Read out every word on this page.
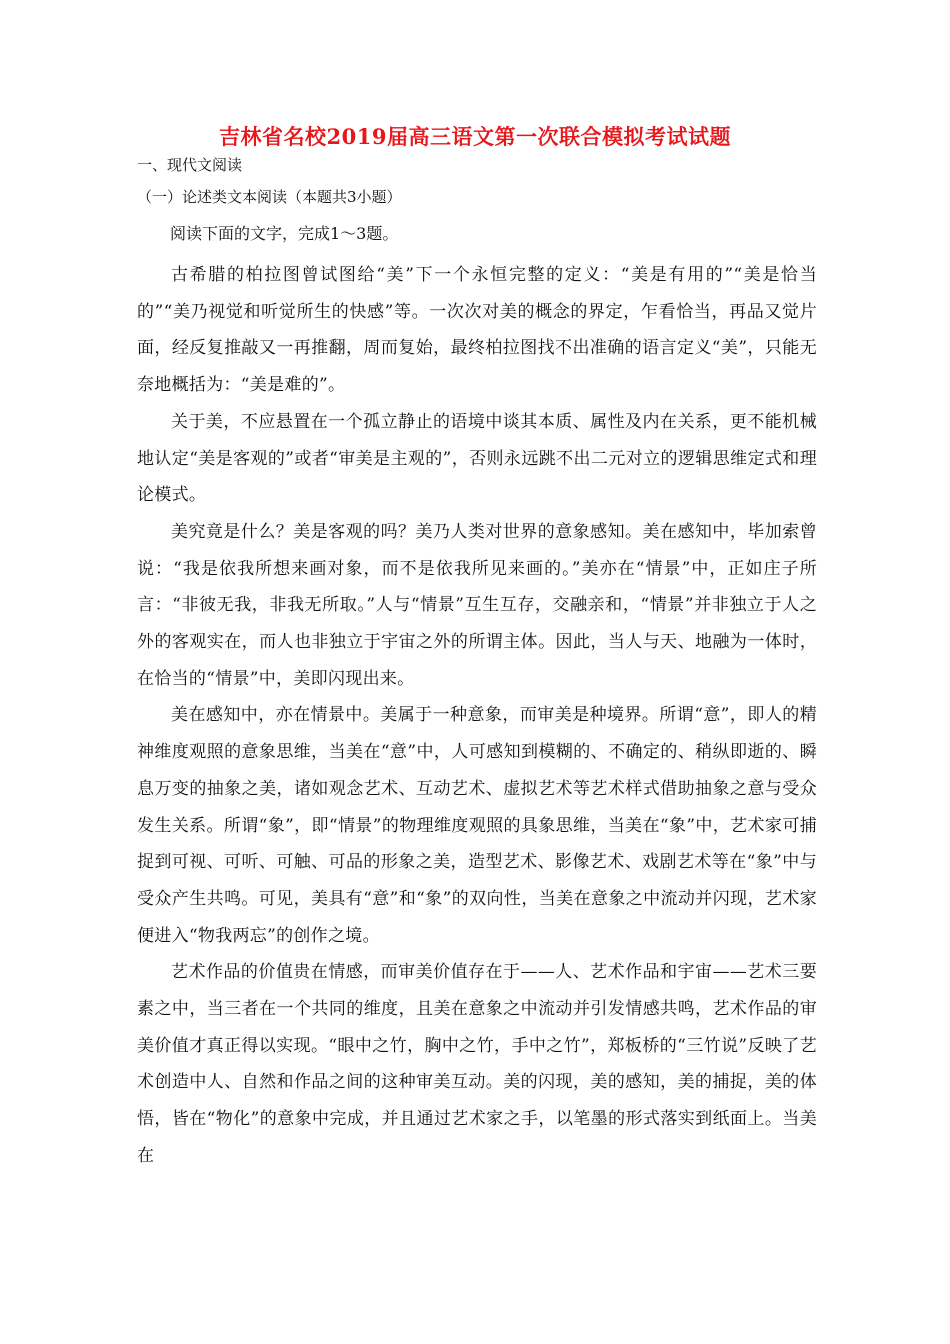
吉林省名校2019届高三语文第一次联合模拟考试试题
一、现代文阅读
（一）论述类文本阅读（本题共3小题）
阅读下面的文字，完成1～3题。

古希腊的柏拉图曾试图给“美”下一个永恒完整的定义：“美是有用的”“美是恰当的”“美乃视觉和听觉所生的快感”等。一次次对美的概念的界定，乍看恰当，再品又觉片面，经反复推敲又一再推翻，周而复始，最终柏拉图找不出准确的语言定义“美”，只能无奈地概括为：“美是难的”。

关于美，不应悬置在一个孤立静止的语境中谈其本质、属性及内在关系，更不能机械地认定“美是客观的”或者“审美是主观的”，否则永远跳不出二元对立的逻辑思维定式和理论模式。

美究竟是什么？美是客观的吗？美乃人类对世界的意象感知。美在感知中，毕加索曾说：“我是依我所想来画对象，而不是依我所见来画的。”美亦在“情景”中，正如庄子所言：“非彼无我，非我无所取。”人与“情景”互生互存，交融亲和，“情景”并非独立于人之外的客观实在，而人也非独立于宇宙之外的所谓主体。因此，当人与天、地融为一体时，在恰当的“情景”中，美即闪现出来。

美在感知中，亦在情景中。美属于一种意象，而审美是种境界。所谓“意”，即人的精神维度观照的意象思维，当美在“意”中，人可感知到模糊的、不确定的、稍纵即逝的、瞬息万变的抽象之美，诸如观念艺术、互动艺术、虚拟艺术等艺术样式借助抽象之意与受众发生关系。所谓“象”，即“情景”的物理维度观照的具象思维，当美在“象”中，艺术家可捕捉到可视、可听、可触、可品的形象之美，造型艺术、影像艺术、戏剧艺术等在“象”中与受众产生共鸣。可见，美具有“意”和“象”的双向性，当美在意象之中流动并闪现，艺术家便进入“物我两忘”的创作之境。

艺术作品的价值贵在情感，而审美价值存在于——人、艺术作品和宇宙——艺术三要素之中，当三者在一个共同的维度，且美在意象之中流动并引发情感共鸣，艺术作品的审美价值才真正得以实现。“眼中之竹，胸中之竹，手中之竹”，郑板桥的“三竹说”反映了艺术创造中人、自然和作品之间的这种审美互动。美的闪现，美的感知，美的捕捉，美的体悟，皆在“物化”的意象中完成，并且通过艺术家之手，以笔墨的形式落实到纸面上。当美在
